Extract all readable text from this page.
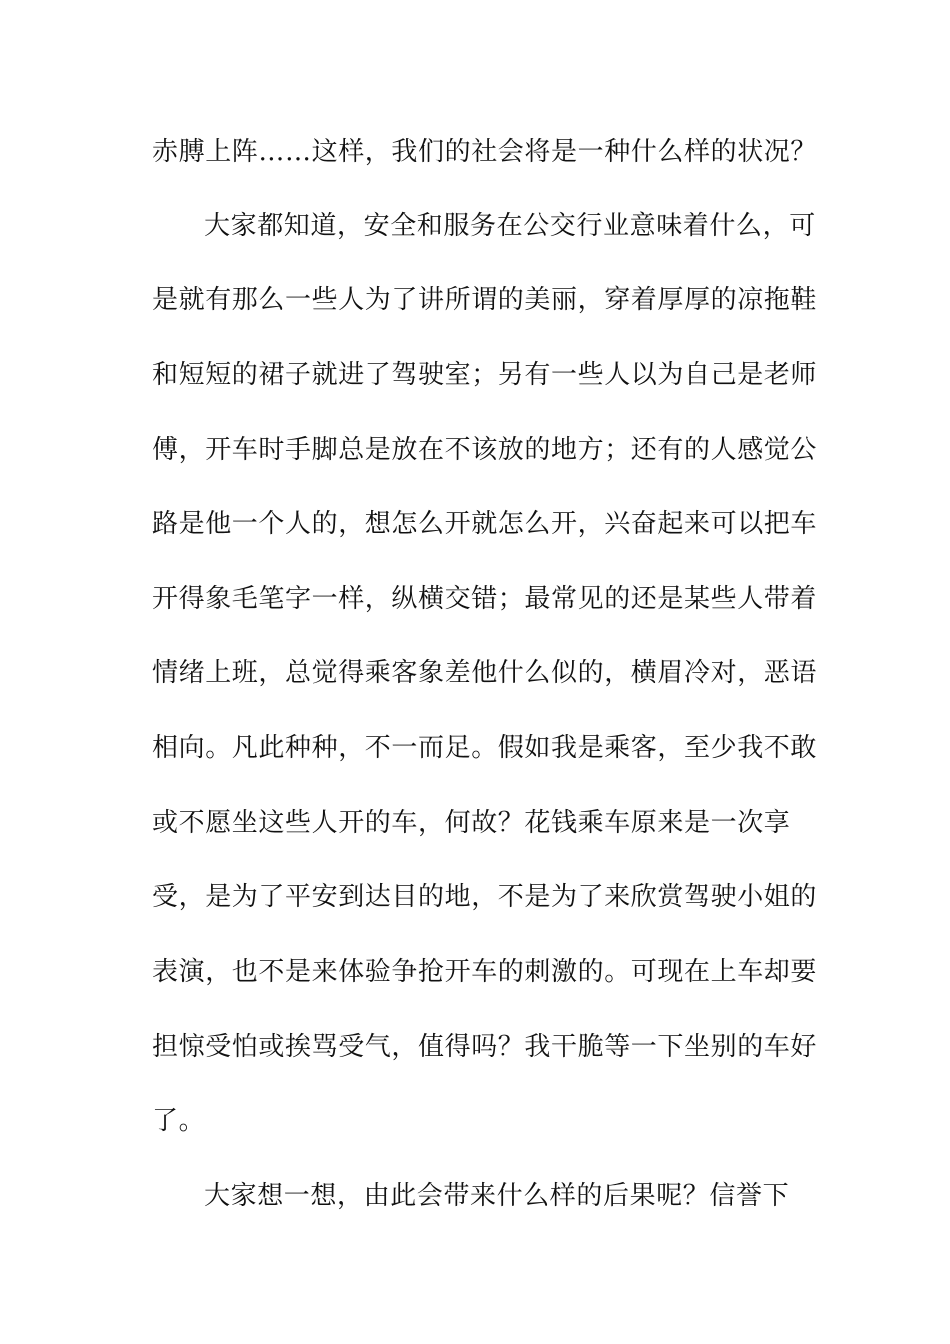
赤膊上阵……这样，我们的社会将是一种什么样的状况？
大家都知道，安全和服务在公交行业意味着什么，可
是就有那么一些人为了讲所谓的美丽，穿着厚厚的凉拖鞋
和短短的裙子就进了驾驶室；另有一些人以为自己是老师
傅，开车时手脚总是放在不该放的地方；还有的人感觉公
路是他一个人的，想怎么开就怎么开，兴奋起来可以把车
开得象毛笔字一样，纵横交错；最常见的还是某些人带着
情绪上班，总觉得乘客象差他什么似的，横眉冷对，恶语
相向。凡此种种，不一而足。假如我是乘客，至少我不敢
或不愿坐这些人开的车，何故？花钱乘车原来是一次享
受，是为了平安到达目的地，不是为了来欣赏驾驶小姐的
表演，也不是来体验争抢开车的刺激的。可现在上车却要
担惊受怕或挨骂受气，值得吗？我干脆等一下坐别的车好
了。
大家想一想，由此会带来什么样的后果呢？信誉下
